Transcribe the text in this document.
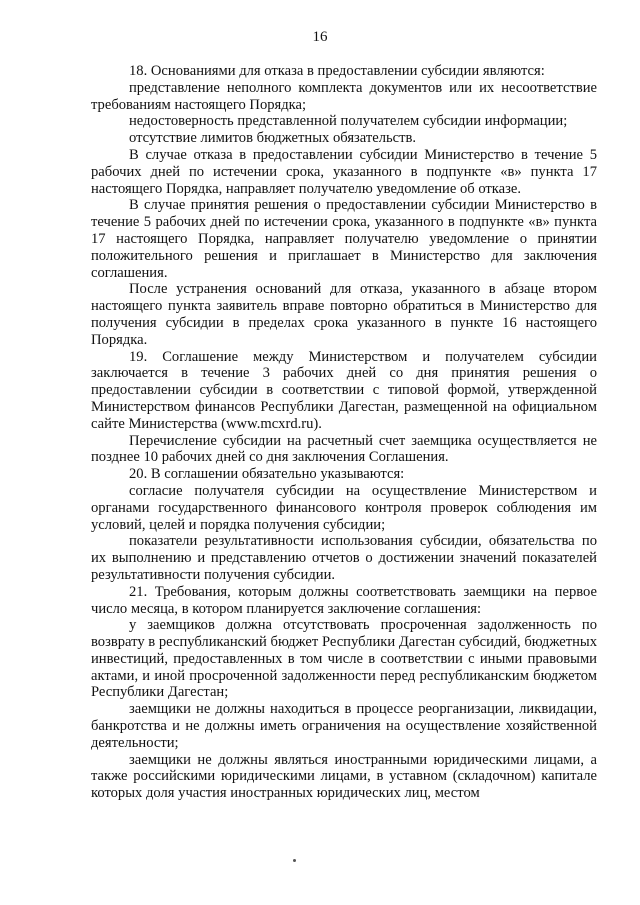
16

18. Основаниями для отказа в предоставлении субсидии являются:

представление неполного комплекта документов или их несоответствие требованиям настоящего Порядка;

недостоверность представленной получателем субсидии информации;

отсутствие лимитов бюджетных обязательств.

В случае отказа в предоставлении субсидии Министерство в течение 5 рабочих дней по истечении срока, указанного в подпункте «в» пункта 17 настоящего Порядка, направляет получателю уведомление об отказе.

В случае принятия решения о предоставлении субсидии Министерство в течение 5 рабочих дней по истечении срока, указанного в подпункте «в» пункта 17 настоящего Порядка, направляет получателю уведомление о принятии положительного решения и приглашает в Министерство для заключения соглашения.

После устранения оснований для отказа, указанного в абзаце втором настоящего пункта заявитель вправе повторно обратиться в Министерство для получения субсидии в пределах срока указанного в пункте 16 настоящего Порядка.

19. Соглашение между Министерством и получателем субсидии заключается в течение 3 рабочих дней со дня принятия решения о предоставлении субсидии в соответствии с типовой формой, утвержденной Министерством финансов Республики Дагестан, размещенной на официальном сайте Министерства (www.mcxrd.ru).

Перечисление субсидии на расчетный счет заемщика осуществляется не позднее 10 рабочих дней со дня заключения Соглашения.

20. В соглашении обязательно указываются:

согласие получателя субсидии на осуществление Министерством и органами государственного финансового контроля проверок соблюдения им условий, целей и порядка получения субсидии;

показатели результативности использования субсидии, обязательства по их выполнению и представлению отчетов о достижении значений показателей результативности получения субсидии.

21. Требования, которым должны соответствовать заемщики на первое число месяца, в котором планируется заключение соглашения:

у заемщиков должна отсутствовать просроченная задолженность по возврату в республиканский бюджет Республики Дагестан субсидий, бюджетных инвестиций, предоставленных в том числе в соответствии с иными правовыми актами, и иной просроченной задолженности перед республиканским бюджетом Республики Дагестан;

заемщики не должны находиться в процессе реорганизации, ликвидации, банкротства и не должны иметь ограничения на осуществление хозяйственной деятельности;

заемщики не должны являться иностранными юридическими лицами, а также российскими юридическими лицами, в уставном (складочном) капитале которых доля участия иностранных юридических лиц, местом
